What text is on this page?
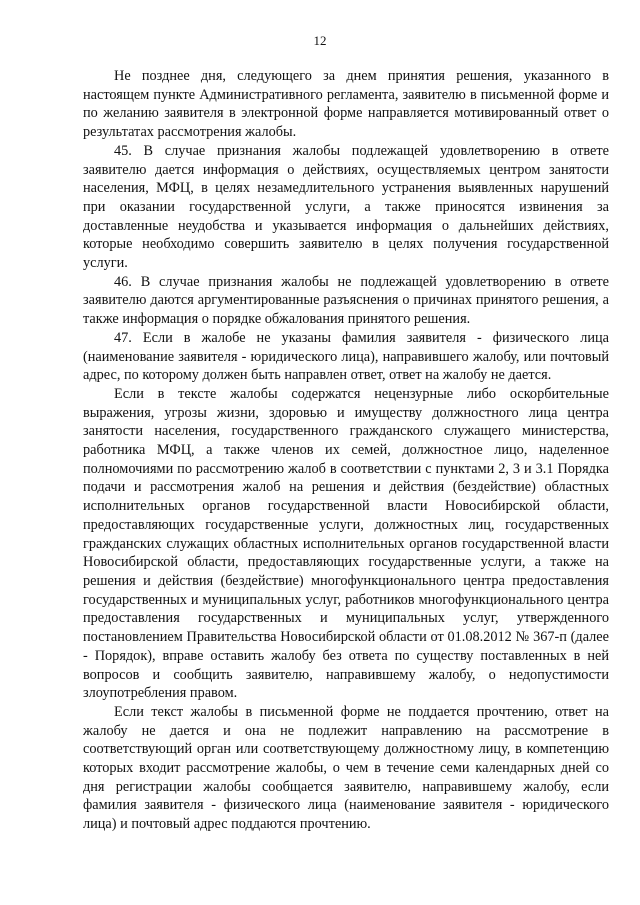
12

Не позднее дня, следующего за днем принятия решения, указанного в настоящем пункте Административного регламента, заявителю в письменной форме и по желанию заявителя в электронной форме направляется мотивированный ответ о результатах рассмотрения жалобы.

45. В случае признания жалобы подлежащей удовлетворению в ответе заявителю дается информация о действиях, осуществляемых центром занятости населения, МФЦ, в целях незамедлительного устранения выявленных нарушений при оказании государственной услуги, а также приносятся извинения за доставленные неудобства и указывается информация о дальнейших действиях, которые необходимо совершить заявителю в целях получения государственной услуги.

46. В случае признания жалобы не подлежащей удовлетворению в ответе заявителю даются аргументированные разъяснения о причинах принятого решения, а также информация о порядке обжалования принятого решения.

47. Если в жалобе не указаны фамилия заявителя - физического лица (наименование заявителя - юридического лица), направившего жалобу, или почтовый адрес, по которому должен быть направлен ответ, ответ на жалобу не дается.

Если в тексте жалобы содержатся нецензурные либо оскорбительные выражения, угрозы жизни, здоровью и имуществу должностного лица центра занятости населения, государственного гражданского служащего министерства, работника МФЦ, а также членов их семей, должностное лицо, наделенное полномочиями по рассмотрению жалоб в соответствии с пунктами 2, 3 и 3.1 Порядка подачи и рассмотрения жалоб на решения и действия (бездействие) областных исполнительных органов государственной власти Новосибирской области, предоставляющих государственные услуги, должностных лиц, государственных гражданских служащих областных исполнительных органов государственной власти Новосибирской области, предоставляющих государственные услуги, а также на решения и действия (бездействие) многофункционального центра предоставления государственных и муниципальных услуг, работников многофункционального центра предоставления государственных и муниципальных услуг, утвержденного постановлением Правительства Новосибирской области от 01.08.2012 № 367-п (далее - Порядок), вправе оставить жалобу без ответа по существу поставленных в ней вопросов и сообщить заявителю, направившему жалобу, о недопустимости злоупотребления правом.

Если текст жалобы в письменной форме не поддается прочтению, ответ на жалобу не дается и она не подлежит направлению на рассмотрение в соответствующий орган или соответствующему должностному лицу, в компетенцию которых входит рассмотрение жалобы, о чем в течение семи календарных дней со дня регистрации жалобы сообщается заявителю, направившему жалобу, если фамилия заявителя - физического лица (наименование заявителя - юридического лица) и почтовый адрес поддаются прочтению.
